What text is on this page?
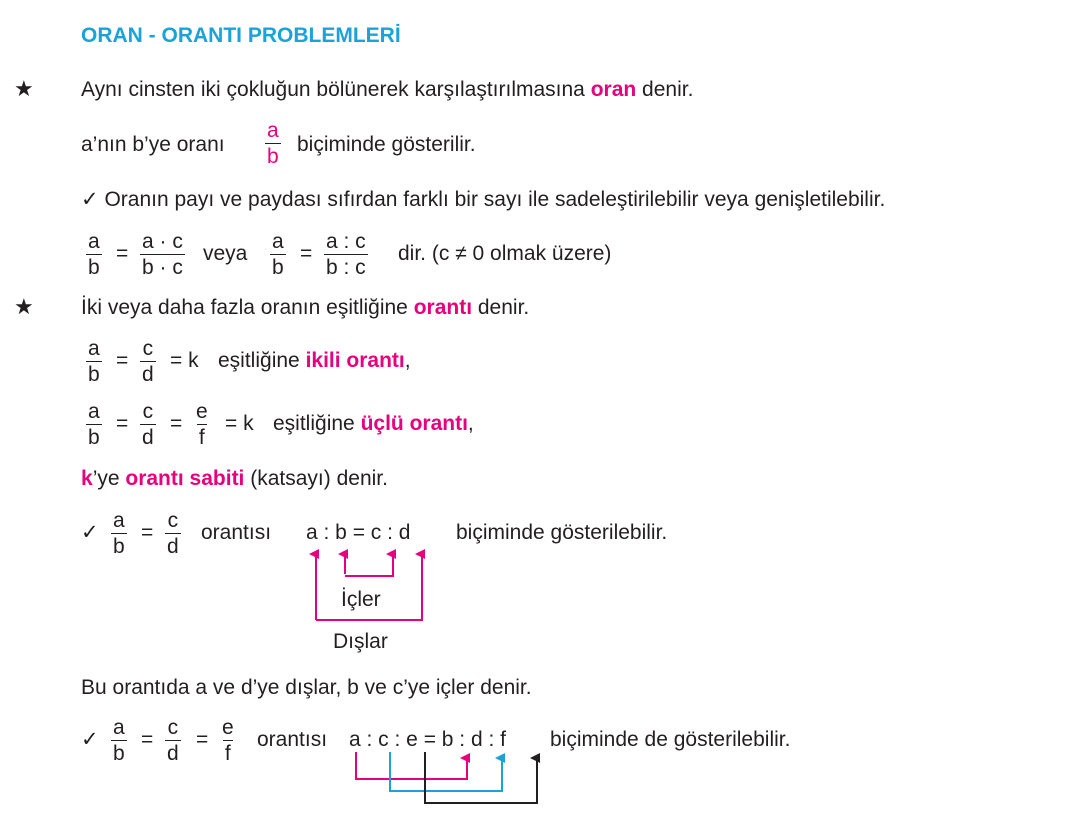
ORAN - ORANTI PROBLEMLERİ
★ Aynı cinsten iki çokluğun bölünerek karşılaştırılmasına oran denir.
a’nın b’ye oranı $\frac{a}{b}$ biçiminde gösterilir.
✓ Oranın payı ve paydası sıfırdan farklı bir sayı ile sadeleştirilebilir veya genişletilebilir.
$\frac{a}{b} = \frac{a \cdot c}{b \cdot c}$ veya $\frac{a}{b} = \frac{a : c}{b : c}$ dir. (c ≠ 0 olmak üzere)
★ İki veya daha fazla oranın eşitliğine orantı denir.
$\frac{a}{b} = \frac{c}{d} = k$ eşitliğine ikili orantı,
$\frac{a}{b} = \frac{c}{d} = \frac{e}{f} = k$ eşitliğine üçlü orantı,
k’ye orantı sabiti (katsayı) denir.
✓ $\frac{a}{b} = \frac{c}{d}$ orantısı a : b = c : d biçiminde gösterilebilir.
İçler
Dışlar
Bu orantıda a ve d’ye dışlar, b ve c’ye içler denir.
✓ $\frac{a}{b} = \frac{c}{d} = \frac{e}{f}$ orantısı a : c : e = b : d : f biçiminde de gösterilebilir.
